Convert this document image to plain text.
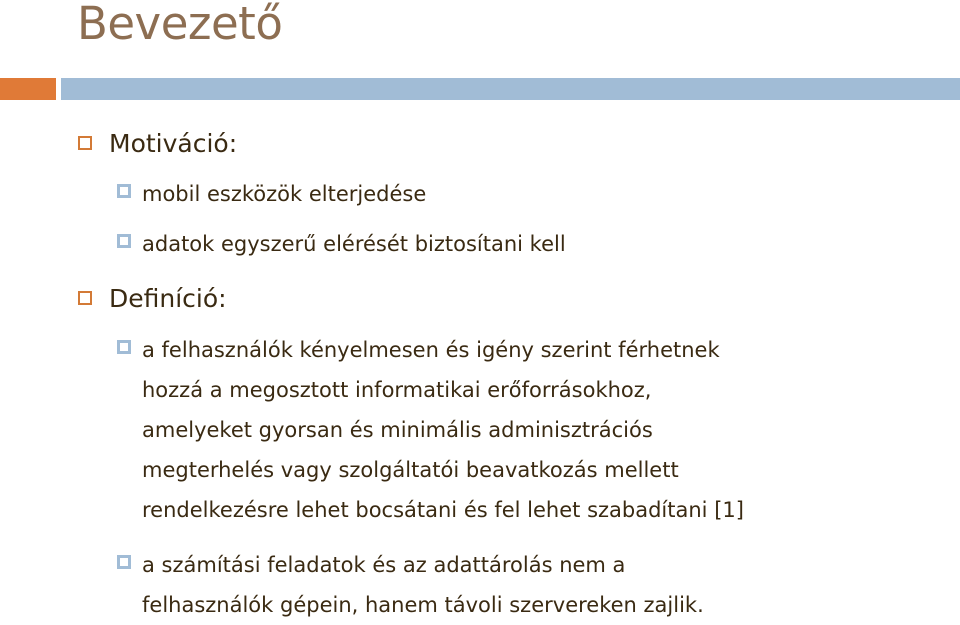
Bevezető
Motiváció:
mobil eszközök elterjedése
adatok egyszerű elérését biztosítani kell
Definíció:
a felhasználók kényelmesen és igény szerint férhetnek
hozzá a megosztott informatikai erőforrásokhoz,
amelyeket gyorsan és minimális adminisztrációs
megterhelés vagy szolgáltatói beavatkozás mellett
rendelkezésre lehet bocsátani és fel lehet szabadítani [1]
a számítási feladatok és az adattárolás nem a
felhasználók gépein, hanem távoli szervereken zajlik.
